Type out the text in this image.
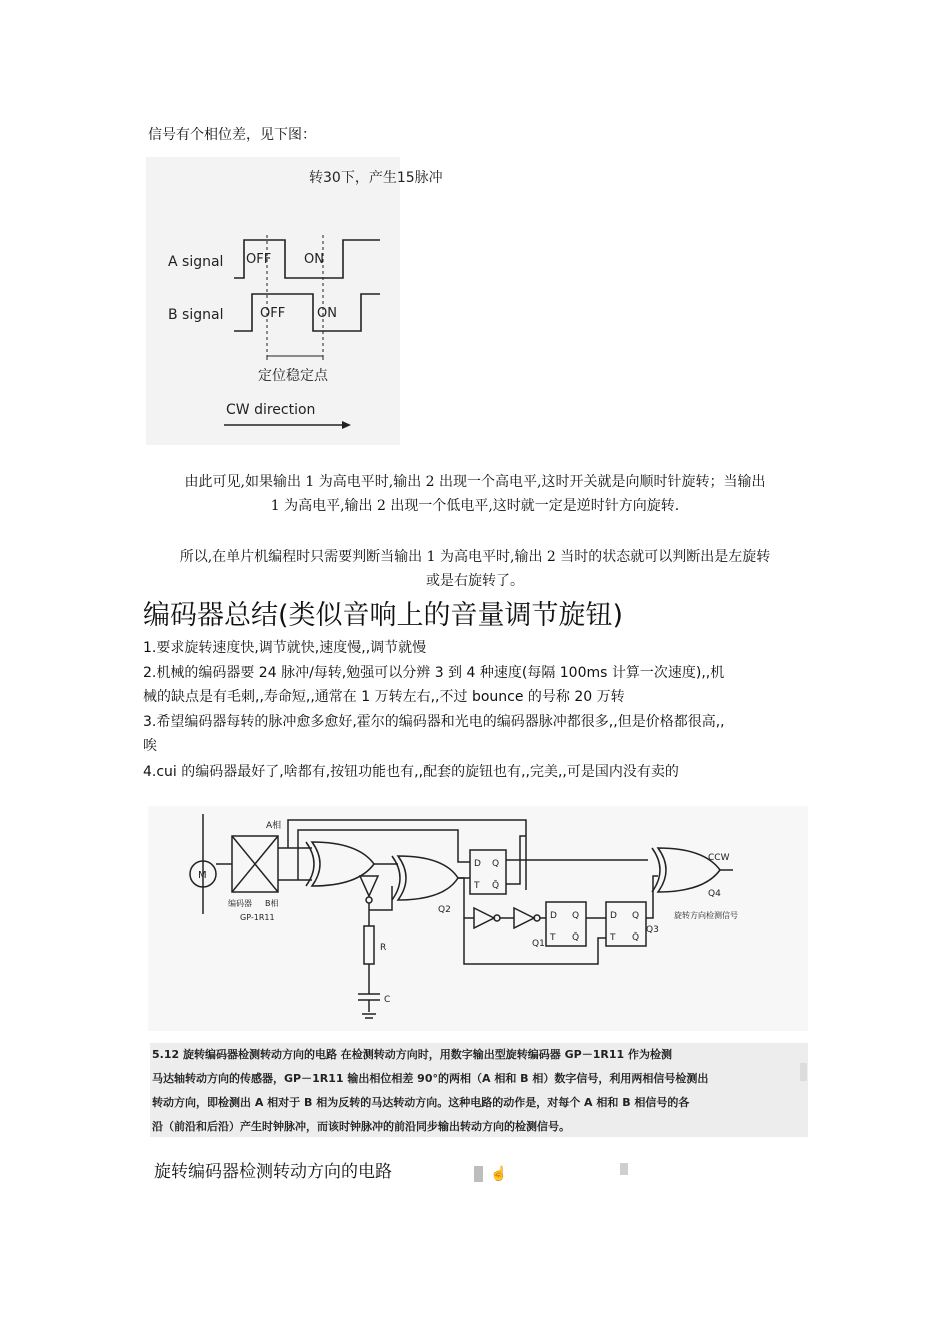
信号有个相位差，见下图：
转30下，产生15脉冲
A signal
B signal
OFF	ON
OFF ON
定位稳定点
CW direction
由此可见,如果输出 1 为高电平时,输出 2 出现一个高电平,这时开关就是向顺时针旋转；当输出
1 为高电平,输出 2 出现一个低电平,这时就一定是逆时针方向旋转.
所以,在单片机编程时只需要判断当输出 1 为高电平时,输出 2 当时的状态就可以判断出是左旋转
或是右旋转了。
编码器总结(类似音响上的音量调节旋钮)
1.要求旋转速度快,调节就快,速度慢,,调节就慢
2.机械的编码器要 24 脉冲/每转,勉强可以分辨 3 到 4 种速度(每隔 100ms 计算一次速度),,机
械的缺点是有毛刺,,寿命短,,通常在 1 万转左右,,不过 bounce 的号称 20 万转
3.希望编码器每转的脉冲愈多愈好,霍尔的编码器和光电的编码器脉冲都很多,,但是价格都很高,,
唉
4.cui 的编码器最好了,啥都有,按钮功能也有,,配套的旋钮也有,,完美,,可是国内没有卖的
M
A相
编码器 B相
GP-1R11
R
C
Q2
D Q
T Q̄
Q1
D Q
T Q̄
D Q
T Q̄
Q3
CCW
Q4
旋转方向检测信号
5.12 旋转编码器检测转动方向的电路 在检测转动方向时，用数字输出型旋转编码器 GP－1R11 作为检测
马达轴转动方向的传感器，GP－1R11 输出相位相差 90°的两相（A 相和 B 相）数字信号，利用两相信号检测出
转动方向，即检测出 A 相对于 B 相为反转的马达转动方向。这种电路的动作是，对每个 A 相和 B 相信号的各
沿（前沿和后沿）产生时钟脉冲，而该时钟脉冲的前沿同步输出转动方向的检测信号。
旋转编码器检测转动方向的电路	☝
